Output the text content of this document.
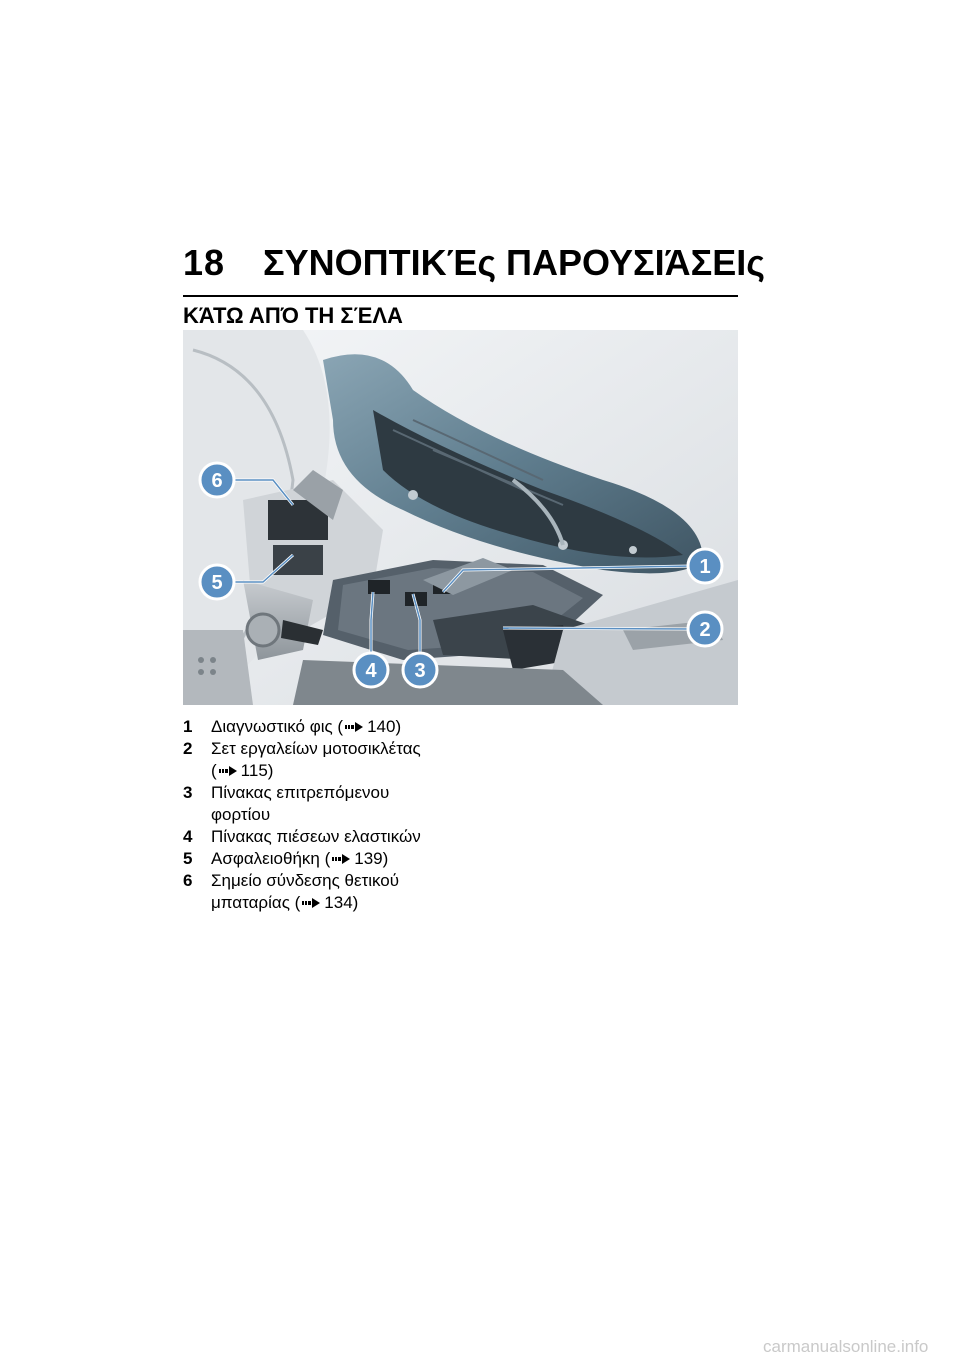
18 ΣΥΝΟΠΤΙΚΈς ΠΑΡΟΥΣΙΆΣΕΙς
ΚΆΤΩ ΑΠΌ ΤΗ ΣΈΛΑ
6
5
1
2
3
4
1	Διαγνωστικό φις ( 140)
2	Σετ εργαλείων μοτοσικλέτας
( 115)
3	Πίνακας επιτρεπόμενου
φορτίου
4	Πίνακας πιέσεων ελαστικών
5	Ασφαλειοθήκη ( 139)
6	Σημείο σύνδεσης θετικού
μπαταρίας ( 134)
carmanualsonline.info
